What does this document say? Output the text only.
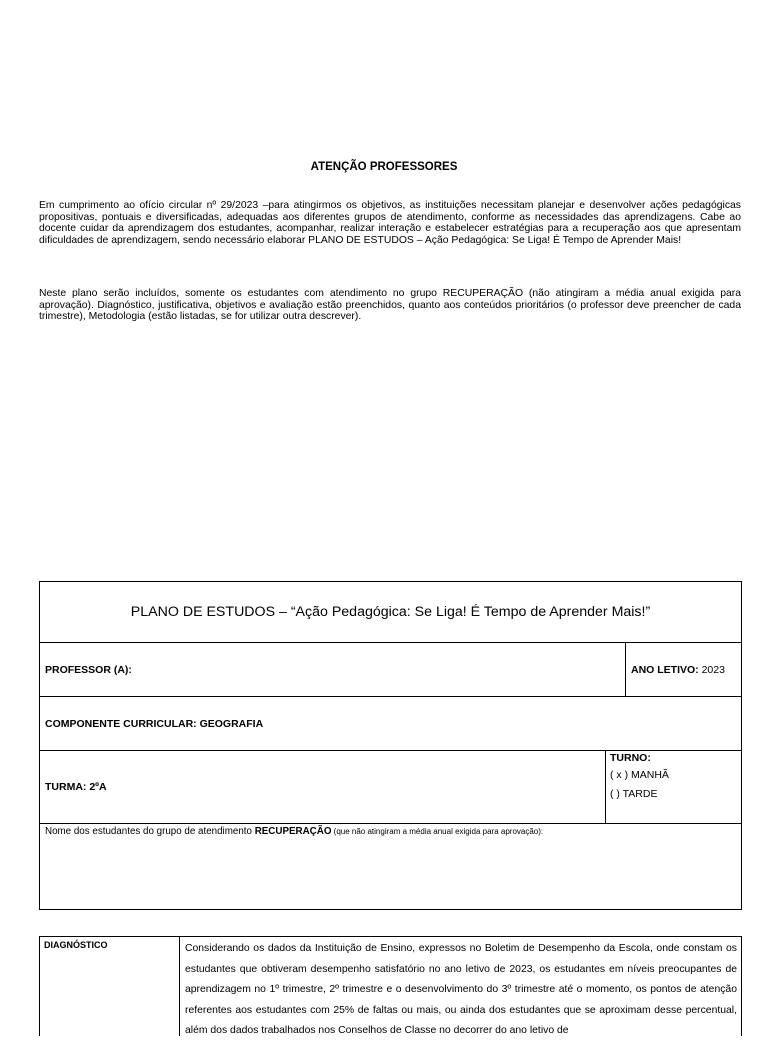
ATENÇÃO PROFESSORES

Em cumprimento ao ofício circular nº 29/2023 –para atingirmos os objetivos, as instituições necessitam planejar e desenvolver ações pedagógicas propositivas, pontuais e diversificadas, adequadas aos diferentes grupos de atendimento, conforme as necessidades das aprendizagens. Cabe ao docente cuidar da aprendizagem dos estudantes, acompanhar, realizar interação e estabelecer estratégias para a recuperação aos que apresentam dificuldades de aprendizagem, sendo necessário elaborar PLANO DE ESTUDOS – Ação Pedagógica: Se Liga! É Tempo de Aprender Mais!

Neste plano serão incluídos, somente os estudantes com atendimento no grupo RECUPERAÇÃO (não atingiram a média anual exigida para aprovação). Diagnóstico, justificativa, objetivos e avaliação estão preenchidos, quanto aos conteúdos prioritários (o professor deve preencher de cada trimestre), Metodologia (estão listadas, se for utilizar outra descrever).

PLANO DE ESTUDOS – “Ação Pedagógica: Se Liga! É Tempo de Aprender Mais!”
PROFESSOR (A):	ANO LETIVO:
2023
COMPONENTE CURRICULAR: GEOGRAFIA
TURMA: 2ºA
TURNO:
( x ) MANHÃ
( ) TARDE
Nome dos estudantes do grupo de atendimento RECUPERAÇÃO (que não atingiram a média anual exigida para aprovação):
DIAGNÓSTICO	Considerando os dados da Instituição de Ensino, expressos no Boletim de Desempenho da Escola, onde constam os estudantes que obtiveram desempenho satisfatório no ano letivo de 2023, os estudantes em níveis preocupantes de aprendizagem no 1º trimestre, 2º trimestre e o desenvolvimento do 3º trimestre até o momento, os pontos de atenção referentes aos estudantes com 25% de faltas ou mais, ou ainda dos estudantes que se aproximam desse percentual, além dos dados trabalhados nos Conselhos de Classe no decorrer do ano letivo de
